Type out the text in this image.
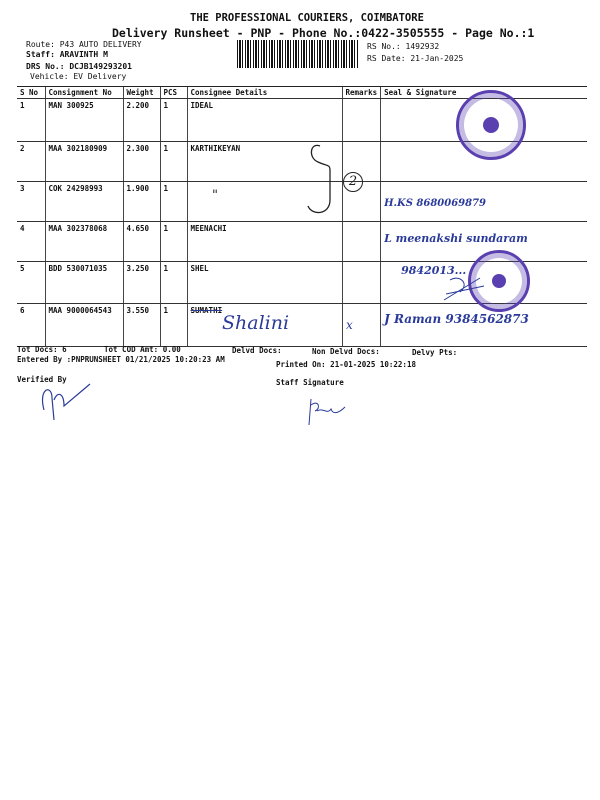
THE PROFESSIONAL COURIERS, COIMBATORE
Delivery Runsheet - PNP - Phone No.:0422-3505555 - Page No.:1
Route: P43 AUTO DELIVERY
Staff: ARAVINTH M
DRS No.: DCJB149293201
Vehicle: EV Delivery
RS No.: 1492932
RS Date: 21-Jan-2025
S No	Consignment No	Weight	PCS	Consignee Details	Remarks	Seal & Signature
1	MAN 300925	2.200	1	IDEAL		
2	MAA 302180909	2.300	1	KARTHIKEYAN		
3	COK 24298993	1.900	1			H.KS 8680069879
4	MAA 302378068	4.650	1	MEENACHI		L meenakshi sundaram
5	BDD 530071035	3.250	1	SHEL		9842013...
6	MAA 9000064543	3.550	1	SUMATHI		J Raman 9384562873
"
2
Shalini	x
Tot Docs: 6	Tot COD Amt: 0.00	Delvd Docs:	Non Delvd Docs:	Delvy Pts:
Entered By :PNPRUNSHEET 01/21/2025 10:20:23 AM
Printed On: 21-01-2025 10:22:18
Verified By	Staff Signature
